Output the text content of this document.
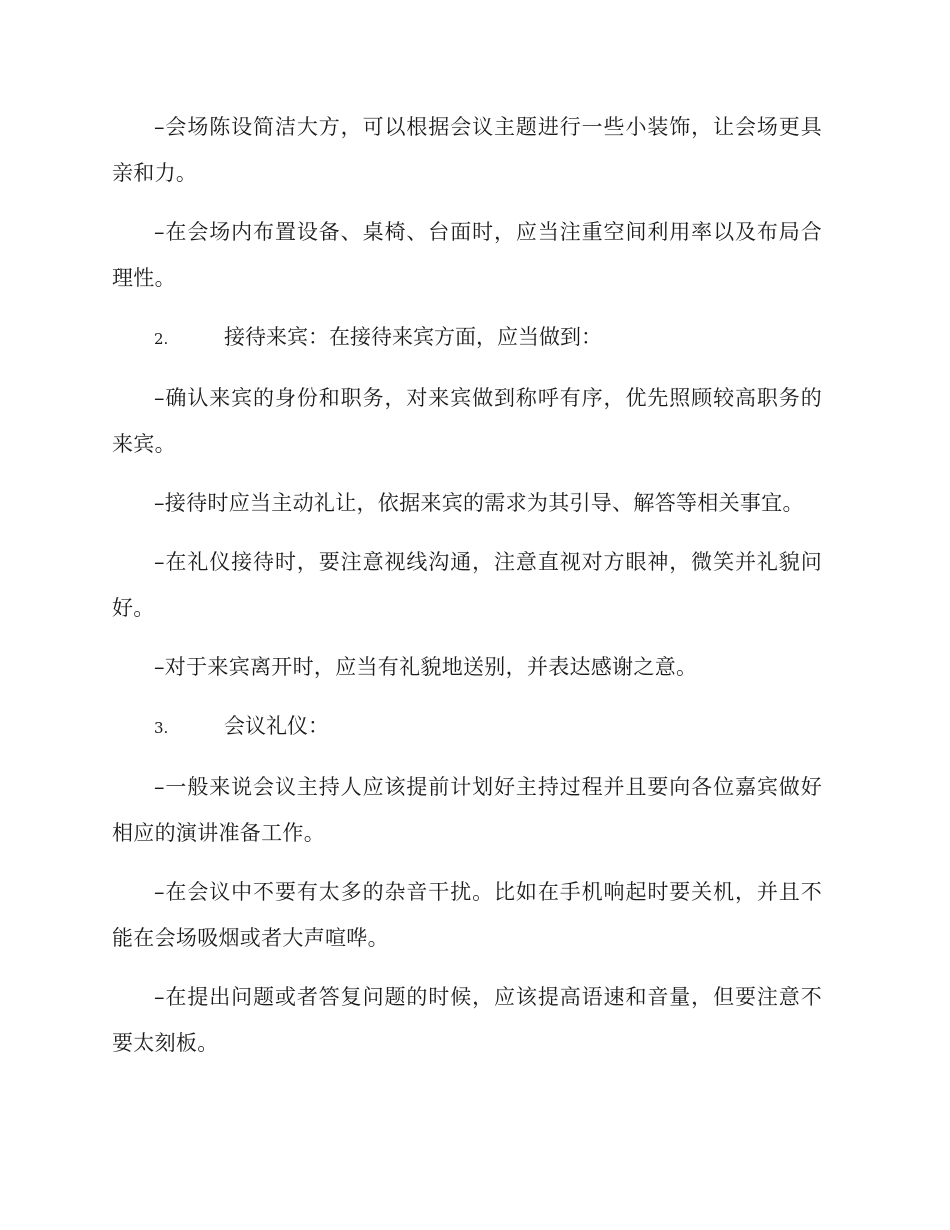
–会场陈设简洁大方，可以根据会议主题进行一些小装饰，让会场更具亲和力。

–在会场内布置设备、桌椅、台面时，应当注重空间利用率以及布局合理性。

2.	接待来宾：在接待来宾方面，应当做到：

–确认来宾的身份和职务，对来宾做到称呼有序，优先照顾较高职务的来宾。

–接待时应当主动礼让，依据来宾的需求为其引导、解答等相关事宜。

–在礼仪接待时，要注意视线沟通，注意直视对方眼神，微笑并礼貌问好。

–对于来宾离开时，应当有礼貌地送别，并表达感谢之意。

3.	会议礼仪：

–一般来说会议主持人应该提前计划好主持过程并且要向各位嘉宾做好相应的演讲准备工作。

–在会议中不要有太多的杂音干扰。比如在手机响起时要关机，并且不能在会场吸烟或者大声喧哗。

–在提出问题或者答复问题的时候，应该提高语速和音量，但要注意不要太刻板。
